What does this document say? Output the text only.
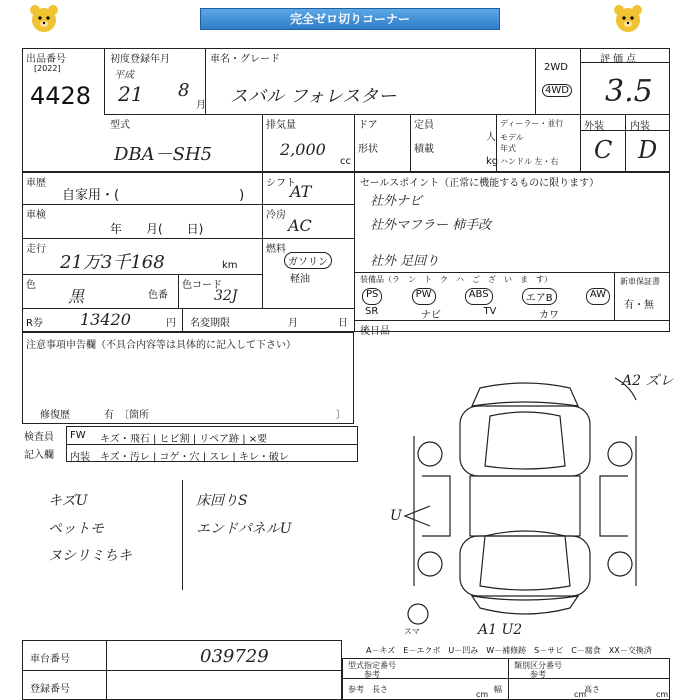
完全ゼロ切りコーナー
出品番号
[2022]
4428
初度登録年月
平成
21 8
月
車名・グレード
スバル フォレスター
2WD
4WD
評価点
3.5
型式
DBA－SH5
排気量
2,000
cc
ドア
形状
定員
人
積載
kg
ディーラー・並行
モデル年式
ハンドル 左・右
外装	内装
C D
車歴
自家用・(	)
車検
年　　月(　　日)
走行
21万3千168	km
色
黒	色番
色コード
32J
R券 13420	円 名変期限	月	日
シフト
AT
冷房
AC
燃料
ガソリン
軽油
セールスポイント（正常に機能するものに限ります）
社外ナビ
社外マフラー 柿手改
社外 足回り
装備品（ラ　ン　ト　ク　ハ　ご　ざ　い　ま　す）
PS	PW	ABS	エアB	AW
SR	ナビ	TV	カワ
新車保証書
有・無
後日品
注意事項申告欄（不具合内容等は具体的に記入して下さい）
修復歴	有　〔箇所	〕
検査員
記入欄
FW キズ・飛石 | ヒビ割 | リペア跡 | ×要
内装 キズ・汚レ | コゲ・穴 | スレ | キレ・破レ
キズU
ペットモ
ヌシリミちキ
床回りS
エンドパネルU
A2 ズレ
U
A1 U2
スマ
A－キズ　E－エクボ　U－凹み　W－補修跡　S－サビ　C－腐食　XX－交換済
車台番号	039729
登録番号
型式指定番号
参考
類別区分番号
参考
参考 長さ
cm
幅
cm
高さ
cm
